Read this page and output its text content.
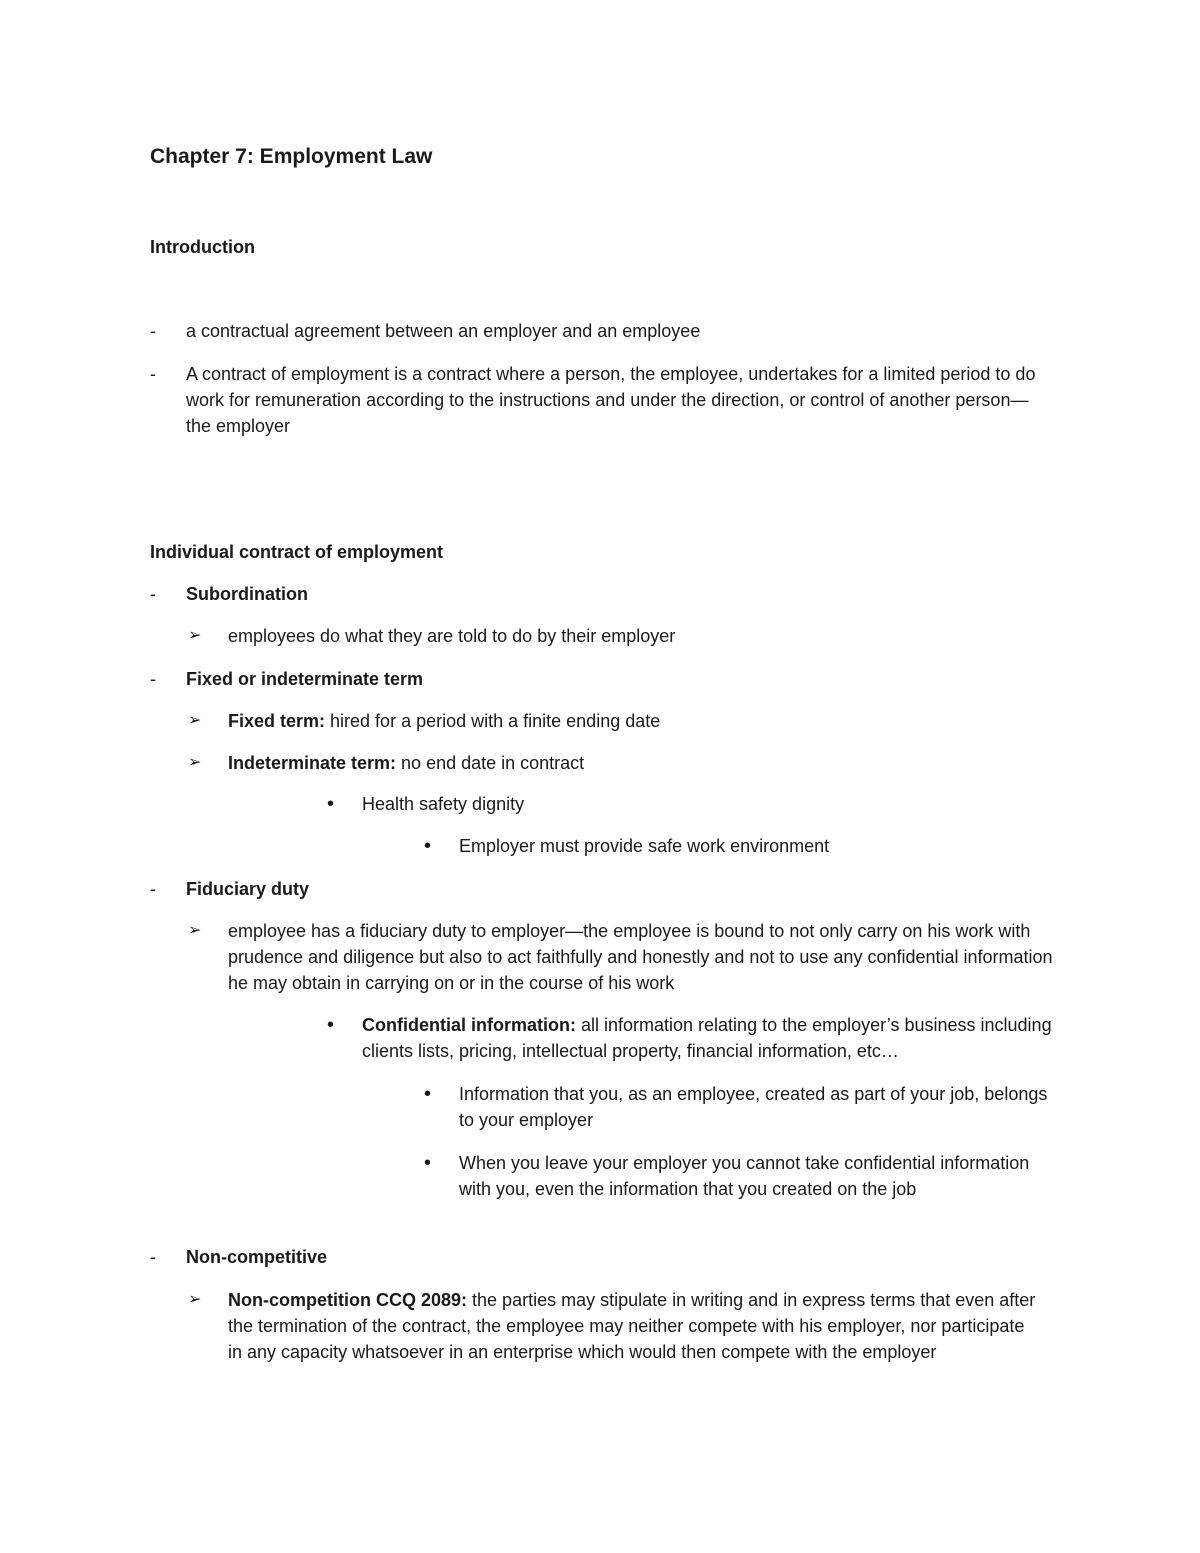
Chapter 7: Employment Law
Introduction
-	a contractual agreement between an employer and an employee
-	A contract of employment is a contract where a person, the employee, undertakes for a limited period to do work for remuneration according to the instructions and under the direction, or control of another person—the employer
Individual contract of employment
-	Subordination
➢	employees do what they are told to do by their employer
-	Fixed or indeterminate term
➢	Fixed term: hired for a period with a finite ending date
➢	Indeterminate term: no end date in contract
•	Health safety dignity
•	Employer must provide safe work environment
-	Fiduciary duty
➢	employee has a fiduciary duty to employer—the employee is bound to not only carry on his work with prudence and diligence but also to act faithfully and honestly and not to use any confidential information he may obtain in carrying on or in the course of his work
•	Confidential information: all information relating to the employer’s business including clients lists, pricing, intellectual property, financial information, etc…
•	Information that you, as an employee, created as part of your job, belongs to your employer
•	When you leave your employer you cannot take confidential information with you, even the information that you created on the job
-	Non-competitive
➢	Non-competition CCQ 2089: the parties may stipulate in writing and in express terms that even after the termination of the contract, the employee may neither compete with his employer, nor participate in any capacity whatsoever in an enterprise which would then compete with the employer
